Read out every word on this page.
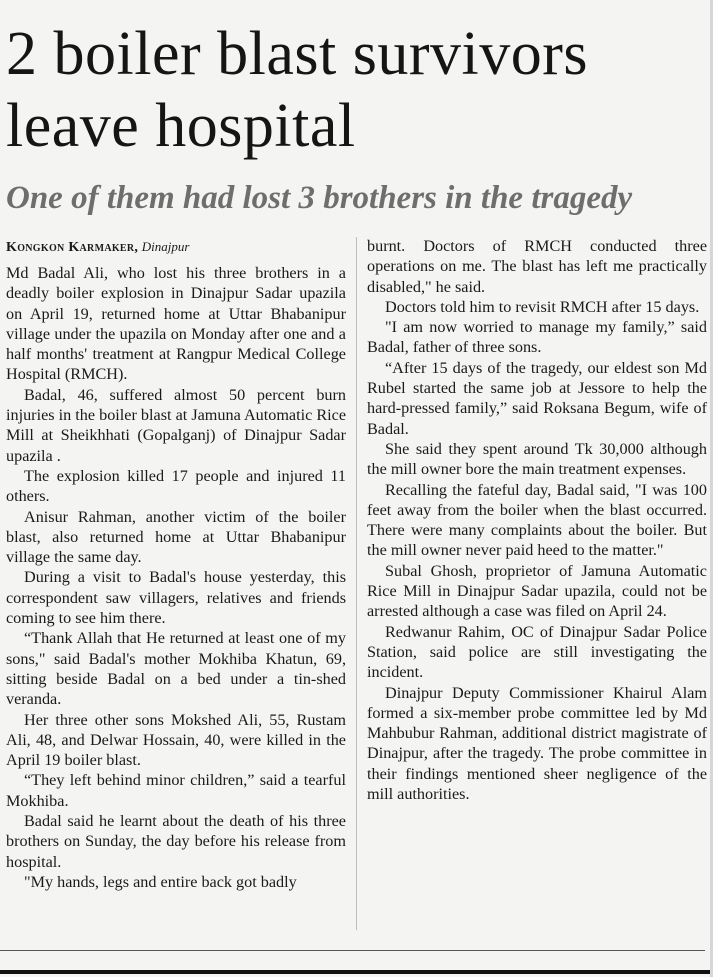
2 boiler blast survivors leave hospital
One of them had lost 3 brothers in the tragedy

Kongkon Karmaker, Dinajpur

Md Badal Ali, who lost his three brothers in a deadly boiler explosion in Dinajpur Sadar upazila on April 19, returned home at Uttar Bhabanipur village under the upazila on Monday after one and a half months' treatment at Rangpur Medical College Hospital (RMCH).

Badal, 46, suffered almost 50 percent burn injuries in the boiler blast at Jamuna Automatic Rice Mill at Sheikhhati (Gopalganj) of Dinajpur Sadar upazila .

The explosion killed 17 people and injured 11 others.

Anisur Rahman, another victim of the boiler blast, also returned home at Uttar Bhabanipur village the same day.

During a visit to Badal's house yesterday, this correspondent saw villagers, relatives and friends coming to see him there.

“Thank Allah that He returned at least one of my sons," said Badal's mother Mokhiba Khatun, 69, sitting beside Badal on a bed under a tin-shed veranda.

Her three other sons Mokshed Ali, 55, Rustam Ali, 48, and Delwar Hossain, 40, were killed in the April 19 boiler blast.

“They left behind minor children,” said a tearful Mokhiba.

Badal said he learnt about the death of his three brothers on Sunday, the day before his release from hospital.

"My hands, legs and entire back got badly

burnt. Doctors of RMCH conducted three operations on me. The blast has left me practically disabled," he said.

Doctors told him to revisit RMCH after 15 days.

"I am now worried to manage my family,” said Badal, father of three sons.

“After 15 days of the tragedy, our eldest son Md Rubel started the same job at Jessore to help the hard-pressed family,” said Roksana Begum, wife of Badal.

She said they spent around Tk 30,000 although the mill owner bore the main treatment expenses.

Recalling the fateful day, Badal said, "I was 100 feet away from the boiler when the blast occurred. There were many complaints about the boiler. But the mill owner never paid heed to the matter."

Subal Ghosh, proprietor of Jamuna Automatic Rice Mill in Dinajpur Sadar upazila, could not be arrested although a case was filed on April 24.

Redwanur Rahim, OC of Dinajpur Sadar Police Station, said police are still investigating the incident.

Dinajpur Deputy Commissioner Khairul Alam formed a six-member probe committee led by Md Mahbubur Rahman, additional district magistrate of Dinajpur, after the tragedy. The probe committee in their findings mentioned sheer negligence of the mill authorities.
